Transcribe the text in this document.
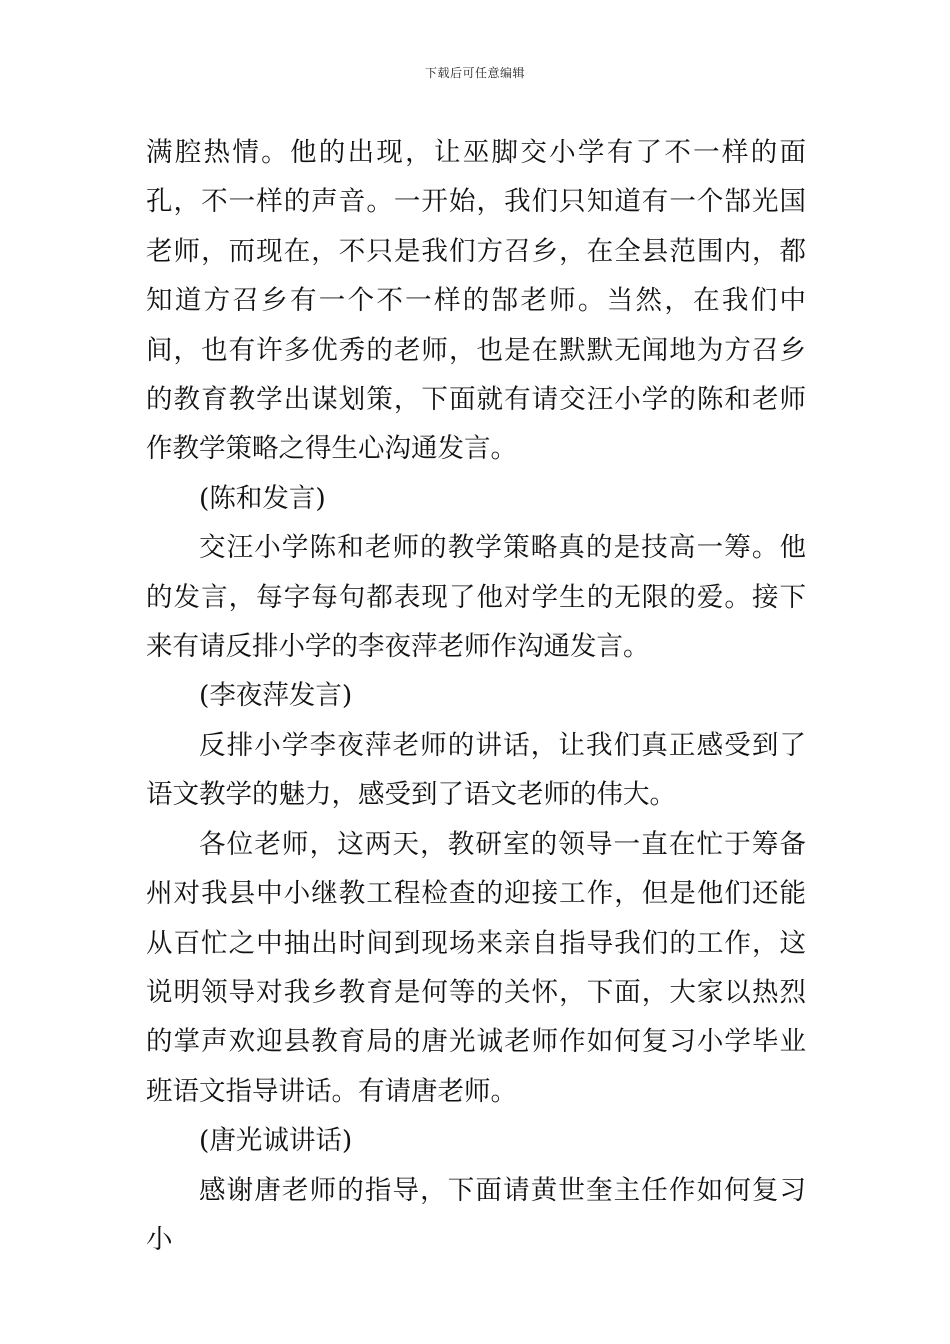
下载后可任意编辑

满腔热情。他的出现，让巫脚交小学有了不一样的面孔，不一样的声音。一开始，我们只知道有一个郜光国老师，而现在，不只是我们方召乡，在全县范围内，都知道方召乡有一个不一样的郜老师。当然，在我们中间，也有许多优秀的老师，也是在默默无闻地为方召乡的教育教学出谋划策，下面就有请交汪小学的陈和老师作教学策略之得生心沟通发言。

(陈和发言)

交汪小学陈和老师的教学策略真的是技高一筹。他的发言，每字每句都表现了他对学生的无限的爱。接下来有请反排小学的李夜萍老师作沟通发言。

(李夜萍发言)

反排小学李夜萍老师的讲话，让我们真正感受到了语文教学的魅力，感受到了语文老师的伟大。

各位老师，这两天，教研室的领导一直在忙于筹备州对我县中小继教工程检查的迎接工作，但是他们还能从百忙之中抽出时间到现场来亲自指导我们的工作，这说明领导对我乡教育是何等的关怀，下面，大家以热烈的掌声欢迎县教育局的唐光诚老师作如何复习小学毕业班语文指导讲话。有请唐老师。

(唐光诚讲话)

感谢唐老师的指导，下面请黄世奎主任作如何复习小
